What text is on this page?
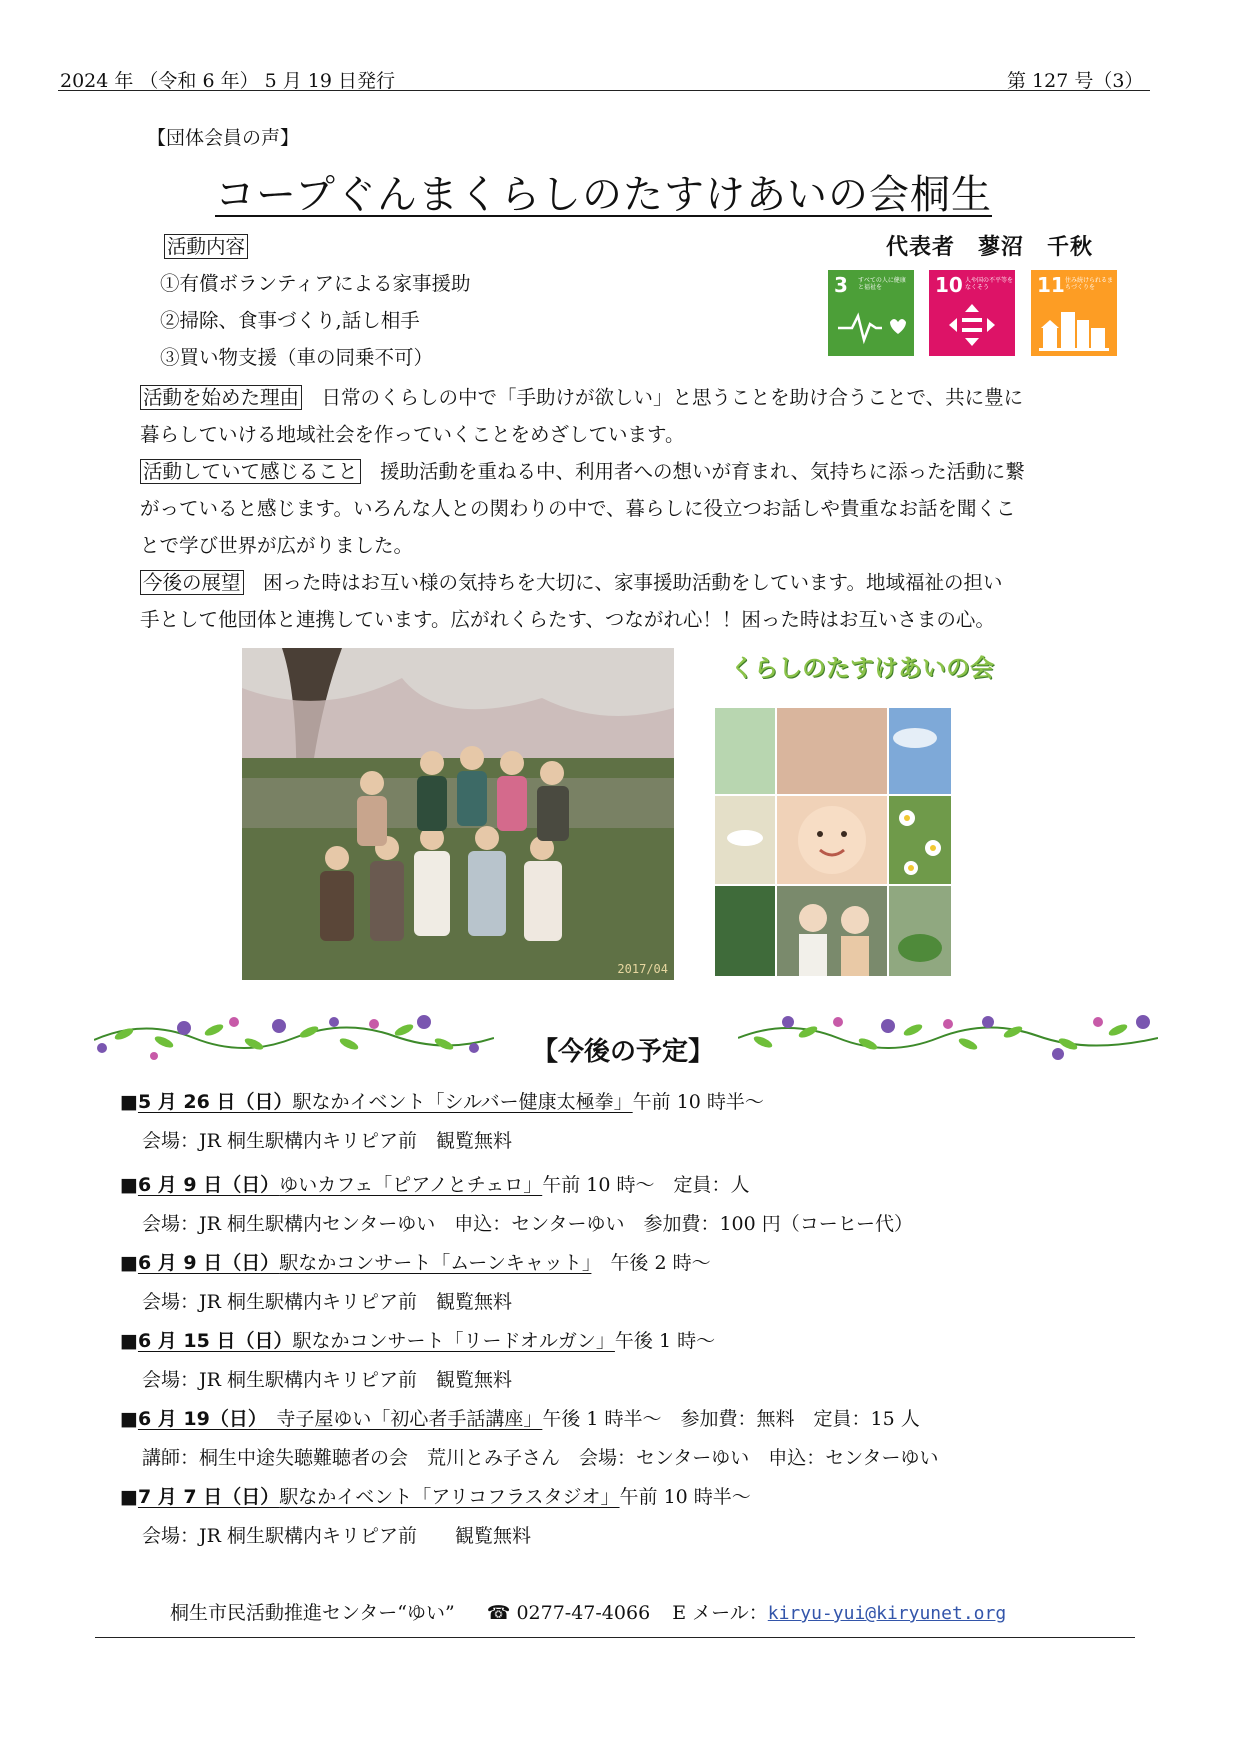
2024 年 （令和 6 年） 5 月 19 日発行	第 127 号（3）
【団体会員の声】
コープぐんまくらしのたすけあいの会桐生
活動内容
①有償ボランティアによる家事援助
②掃除、食事づくり,話し相手
③買い物支援（車の同乗不可）
代表者　蓼沼　千秋
3 すべての人に健康と福祉を	10 人や国の不平等をなくそう	11 住み続けられるまちづくりを
活動を始めた理由　日常のくらしの中で「手助けが欲しい」と思うことを助け合うことで、共に豊に
暮らしていける地域社会を作っていくことをめざしています。
活動していて感じること　援助活動を重ねる中、利用者への想いが育まれ、気持ちに添った活動に繋
がっていると感じます。いろんな人との関わりの中で、暮らしに役立つお話しや貴重なお話を聞くこ
とで学び世界が広がりました。
今後の展望　困った時はお互い様の気持ちを大切に、家事援助活動をしています。地域福祉の担い
手として他団体と連携しています。広がれくらたす、つながれ心！！困った時はお互いさまの心。
2017/04
くらしのたすけあいの会
【今後の予定】
■5 月 26 日（日）駅なかイベント「シルバー健康太極拳」午前 10 時半～
会場：JR 桐生駅構内キリピア前　観覧無料
■6 月 9 日（日）ゆいカフェ「ピアノとチェロ」午前 10 時～　定員：人
会場：JR 桐生駅構内センターゆい　申込：センターゆい　参加費：100 円（コーヒー代）
■6 月 9 日（日）駅なかコンサート「ムーンキャット」　午後 2 時～
会場：JR 桐生駅構内キリピア前　観覧無料
■6 月 15 日（日）駅なかコンサート「リードオルガン」午後 1 時～
会場：JR 桐生駅構内キリピア前　観覧無料
■6 月 19（日）　寺子屋ゆい「初心者手話講座」午後 1 時半～　参加費：無料　定員：15 人
講師：桐生中途失聴難聴者の会　荒川とみ子さん　会場：センターゆい　申込：センターゆい
■7 月 7 日（日）駅なかイベント「アリコフラスタジオ」午前 10 時半～
会場：JR 桐生駅構内キリピア前　　観覧無料
桐生市民活動推進センター“ゆい” ☎ 0277-47-4066 E メール：kiryu-yui@kiryunet.org
